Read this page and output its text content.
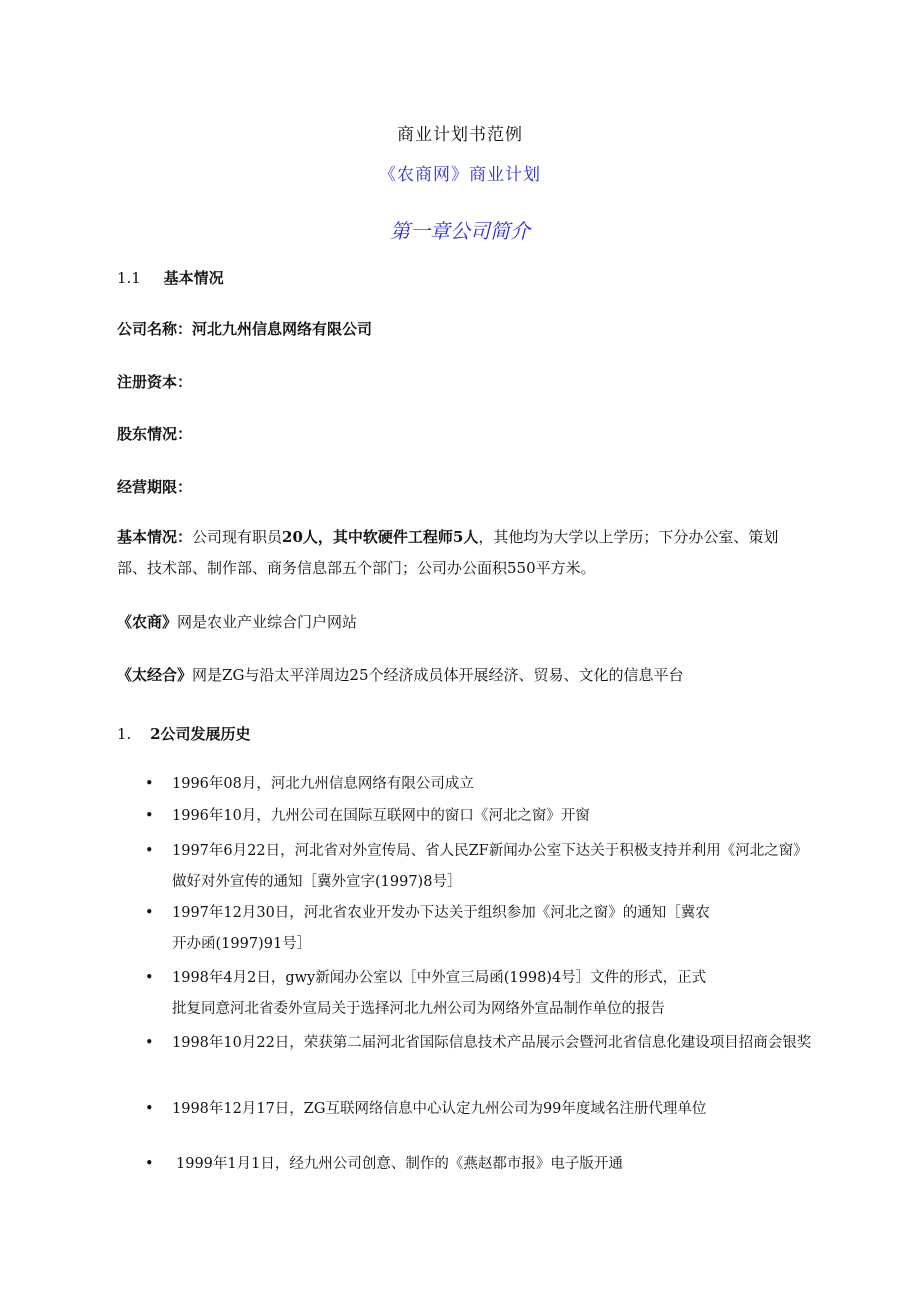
商业计划书范例
《农商网》商业计划
第一章公司简介
1.1 基本情况
公司名称：河北九州信息网络有限公司
注册资本：
股东情况：
经营期限：
基本情况：公司现有职员20人，其中软硬件工程师5人，其他均为大学以上学历；下分办公室、策划部、技术部、制作部、商务信息部五个部门；公司办公面积550平方米。
《农商》网是农业产业综合门户网站
《太经合》网是ZG与沿太平洋周边25个经济成员体开展经济、贸易、文化的信息平台
1. 2公司发展历史
• 1996年08月，河北九州信息网络有限公司成立
• 1996年10月，九州公司在国际互联网中的窗口《河北之窗》开窗
• 1997年6月22日，河北省对外宣传局、省人民ZF新闻办公室下达关于积极支持并利用《河北之窗》做好对外宣传的通知［冀外宣字(1997)8号］
• 1997年12月30日，河北省农业开发办下达关于组织参加《河北之窗》的通知［冀农开办函(1997)91号］
• 1998年4月2日，gwy新闻办公室以［中外宣三局函(1998)4号］文件的形式，正式批复同意河北省委外宣局关于选择河北九州公司为网络外宣品制作单位的报告
• 1998年10月22日，荣获第二届河北省国际信息技术产品展示会暨河北省信息化建设项目招商会银奖
• 1998年12月17日，ZG互联网络信息中心认定九州公司为99年度域名注册代理单位
• 1999年1月1日，经九州公司创意、制作的《燕赵都市报》电子版开通
